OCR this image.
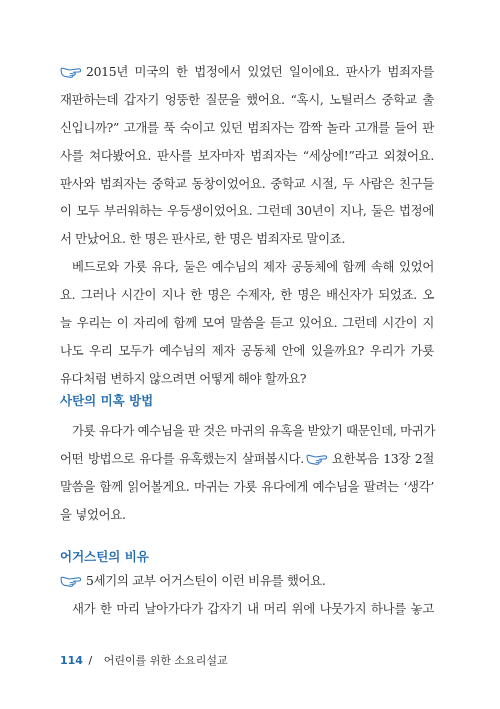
2015년 미국의 한 법정에서 있었던 일이에요. 판사가 범죄자를
재판하는데 갑자기 엉뚱한 질문을 했어요. “혹시, 노틸러스 중학교 출
신입니까?” 고개를 푹 숙이고 있던 범죄자는 깜짝 놀라 고개를 들어 판
사를 쳐다봤어요. 판사를 보자마자 범죄자는 “세상에!”라고 외쳤어요.
판사와 범죄자는 중학교 동창이었어요. 중학교 시절, 두 사람은 친구들
이 모두 부러워하는 우등생이었어요. 그런데 30년이 지나, 둘은 법정에
서 만났어요. 한 명은 판사로, 한 명은 범죄자로 말이죠.
베드로와 가룟 유다, 둘은 예수님의 제자 공동체에 함께 속해 있었어
요. 그러나 시간이 지나 한 명은 수제자, 한 명은 배신자가 되었죠. 오
늘 우리는 이 자리에 함께 모여 말씀을 듣고 있어요. 그런데 시간이 지
나도 우리 모두가 예수님의 제자 공동체 안에 있을까요? 우리가 가룟
유다처럼 변하지 않으려면 어떻게 해야 할까요?
사탄의 미혹 방법
가룟 유다가 예수님을 판 것은 마귀의 유혹을 받았기 때문인데, 마귀가
어떤 방법으로 유다를 유혹했는지 살펴봅시다. 요한복음 13장 2절
말씀을 함께 읽어볼게요. 마귀는 가룟 유다에게 예수님을 팔려는 ‘생각’
을 넣었어요.
어거스틴의 비유
5세기의 교부 어거스틴이 이런 비유를 했어요.
새가 한 마리 날아가다가 갑자기 내 머리 위에 나뭇가지 하나를 놓고
114 / 어린이를 위한 소요리설교
